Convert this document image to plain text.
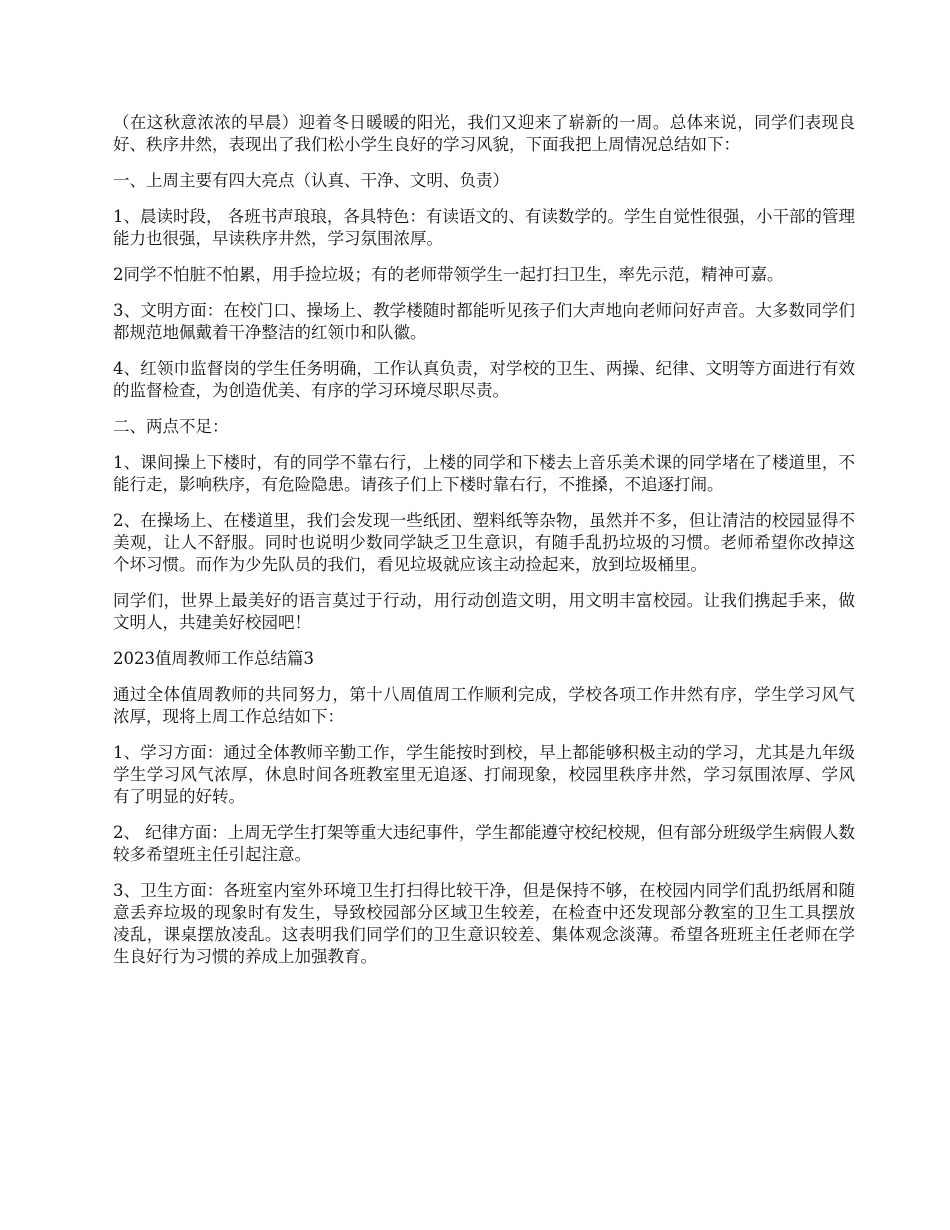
（在这秋意浓浓的早晨）迎着冬日暖暖的阳光，我们又迎来了崭新的一周。总体来说，同学们表现良好、秩序井然，表现出了我们松小学生良好的学习风貌，下面我把上周情况总结如下：

一、上周主要有四大亮点（认真、干净、文明、负责）

1、晨读时段， 各班书声琅琅，各具特色：有读语文的、有读数学的。学生自觉性很强，小干部的管理能力也很强，早读秩序井然，学习氛围浓厚。

2同学不怕脏不怕累，用手捡垃圾；有的老师带领学生一起打扫卫生，率先示范，精神可嘉。

3、文明方面：在校门口、操场上、教学楼随时都能听见孩子们大声地向老师问好声音。大多数同学们都规范地佩戴着干净整洁的红领巾和队徽。

4、红领巾监督岗的学生任务明确，工作认真负责，对学校的卫生、两操、纪律、文明等方面进行有效的监督检查，为创造优美、有序的学习环境尽职尽责。

二、两点不足：

1、课间操上下楼时，有的同学不靠右行，上楼的同学和下楼去上音乐美术课的同学堵在了楼道里，不能行走，影响秩序，有危险隐患。请孩子们上下楼时靠右行，不推搡，不追逐打闹。

2、在操场上、在楼道里，我们会发现一些纸团、塑料纸等杂物，虽然并不多，但让清洁的校园显得不美观，让人不舒服。同时也说明少数同学缺乏卫生意识，有随手乱扔垃圾的习惯。老师希望你改掉这个坏习惯。而作为少先队员的我们，看见垃圾就应该主动捡起来，放到垃圾桶里。

同学们，世界上最美好的语言莫过于行动，用行动创造文明，用文明丰富校园。让我们携起手来，做文明人，共建美好校园吧！

2023值周教师工作总结篇3

通过全体值周教师的共同努力，第十八周值周工作顺利完成，学校各项工作井然有序，学生学习风气浓厚，现将上周工作总结如下：

1、学习方面：通过全体教师辛勤工作，学生能按时到校，早上都能够积极主动的学习，尤其是九年级学生学习风气浓厚，休息时间各班教室里无追逐、打闹现象，校园里秩序井然，学习氛围浓厚、学风有了明显的好转。

2、 纪律方面：上周无学生打架等重大违纪事件，学生都能遵守校纪校规，但有部分班级学生病假人数较多希望班主任引起注意。

3、卫生方面：各班室内室外环境卫生打扫得比较干净，但是保持不够，在校园内同学们乱扔纸屑和随意丢弃垃圾的现象时有发生，导致校园部分区域卫生较差，在检查中还发现部分教室的卫生工具摆放凌乱，课桌摆放凌乱。这表明我们同学们的卫生意识较差、集体观念淡薄。希望各班班主任老师在学生良好行为习惯的养成上加强教育。
